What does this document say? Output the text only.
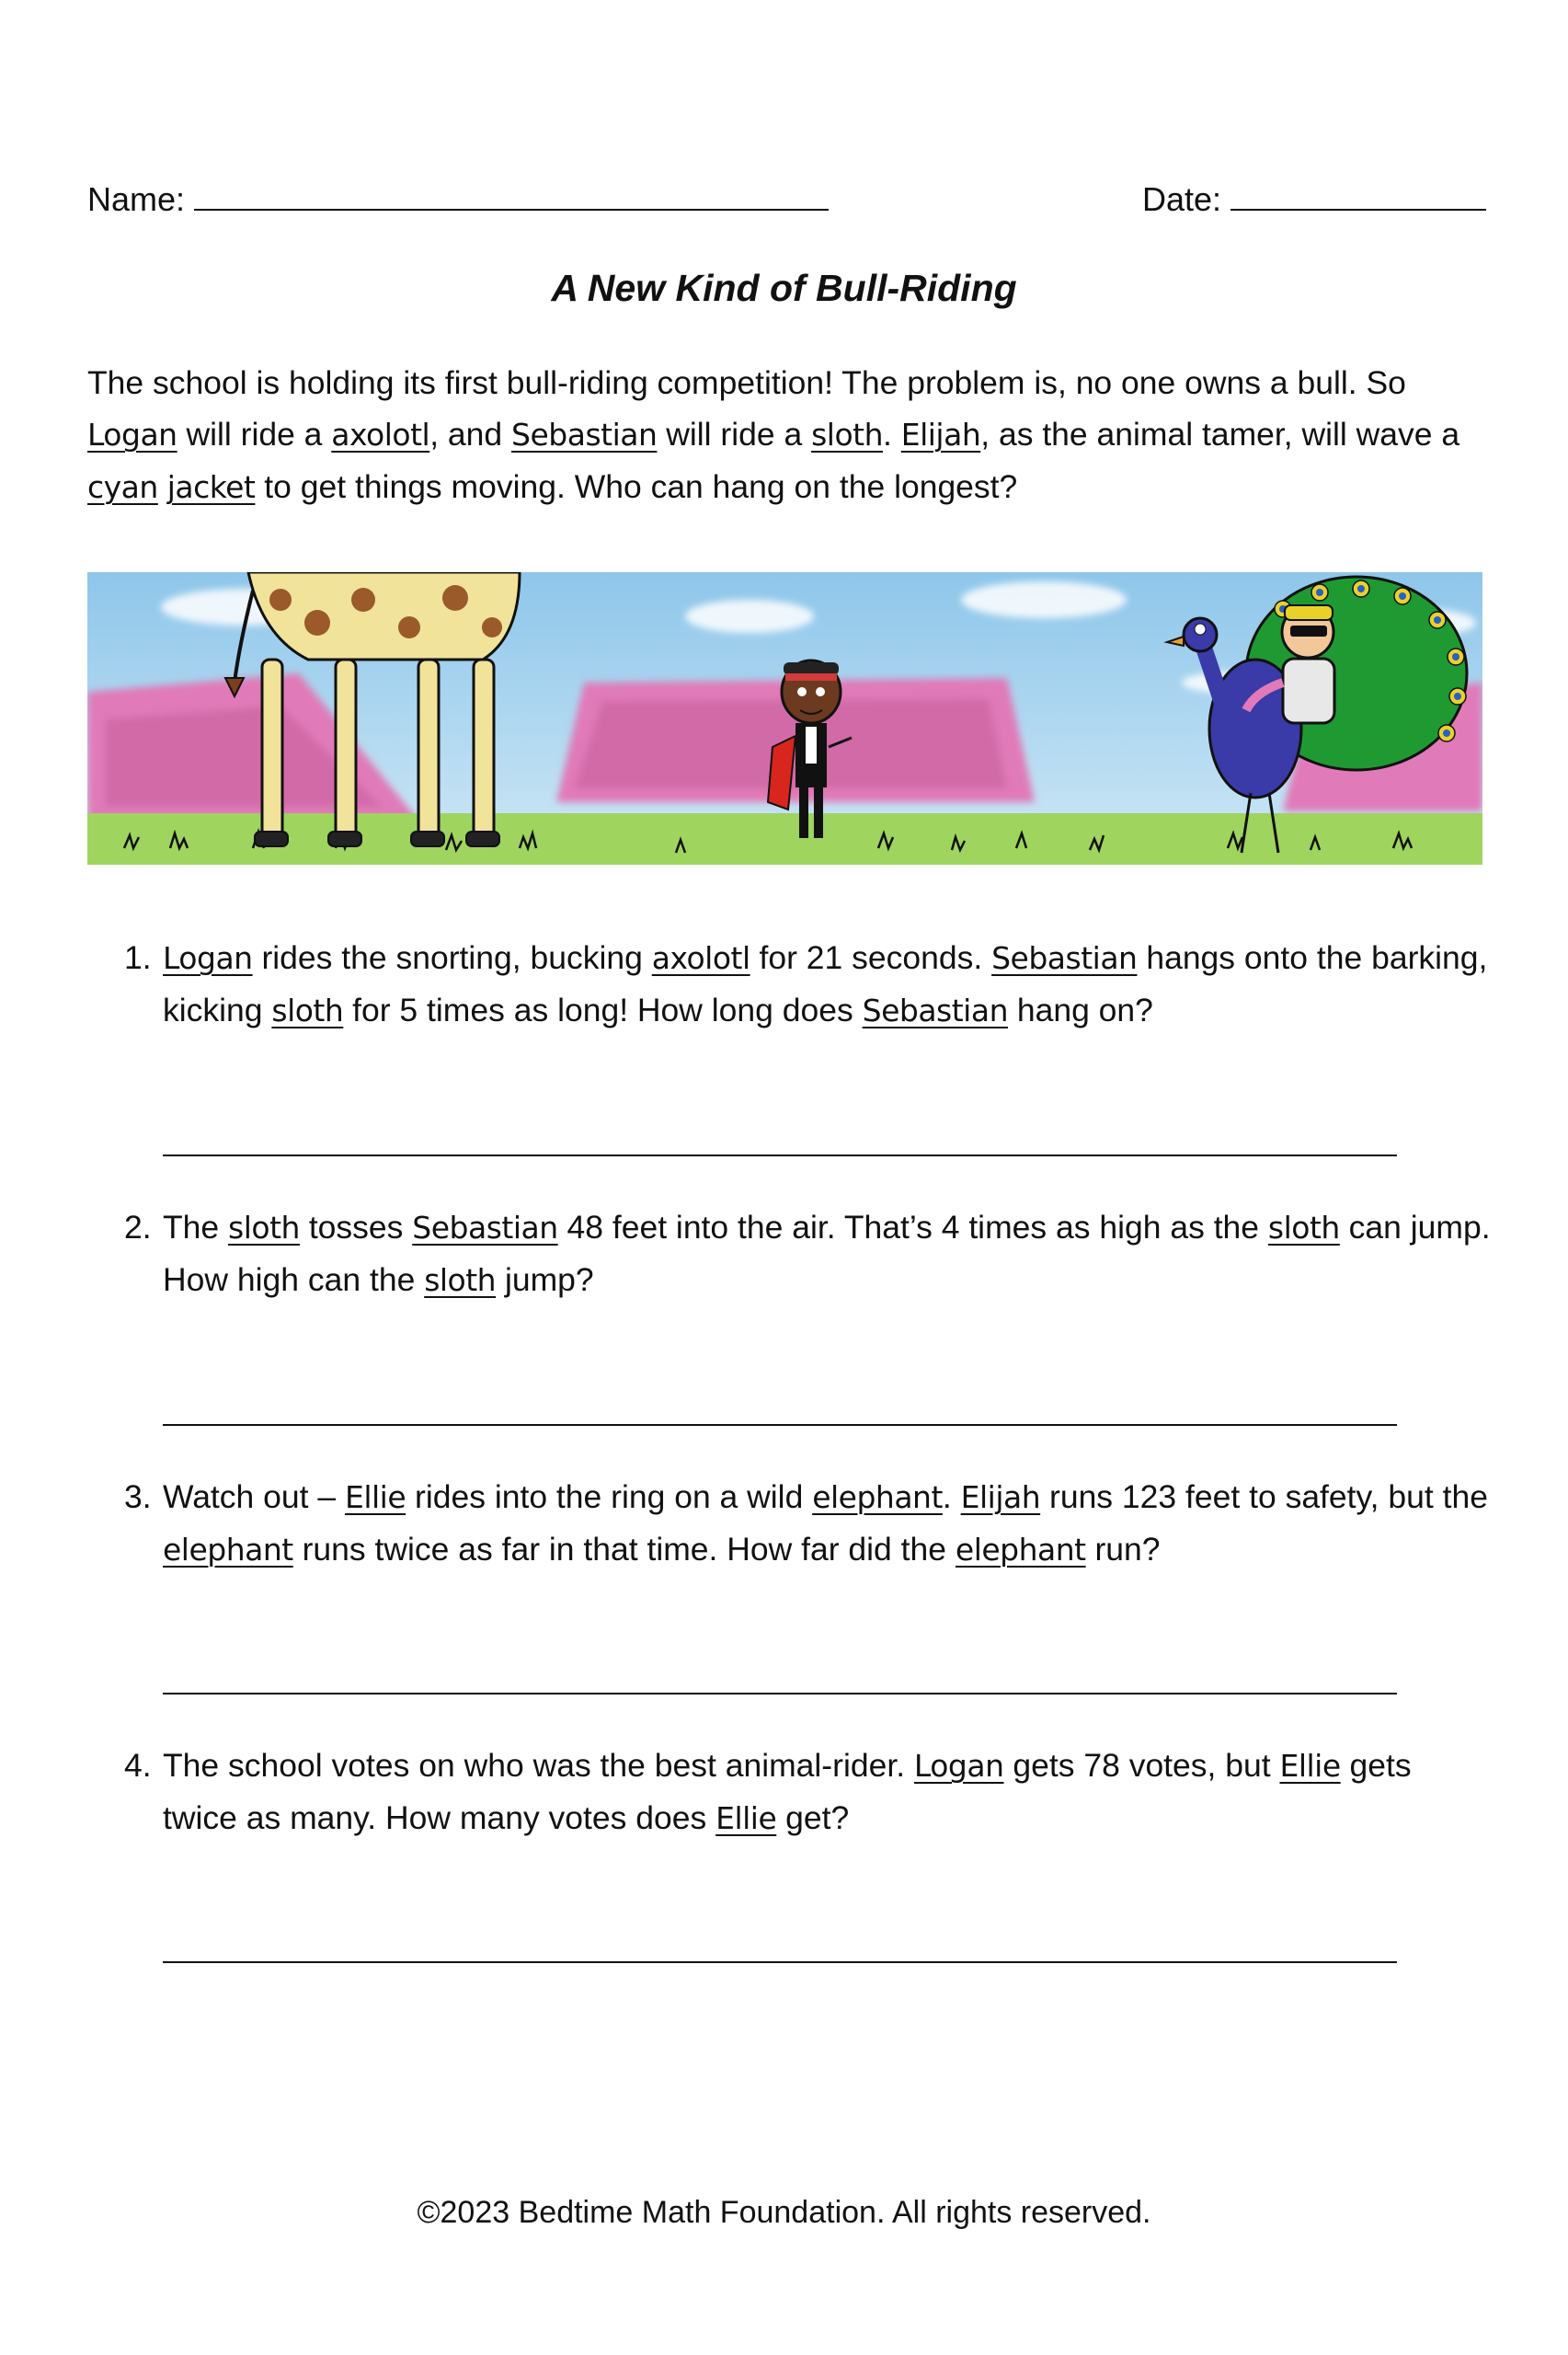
Name:	Date:
A New Kind of Bull-Riding
The school is holding its first bull-riding competition! The problem is, no one owns a bull. So Logan will ride a axolotl, and Sebastian will ride a sloth. Elijah, as the animal tamer, will wave a cyan jacket to get things moving. Who can hang on the longest?
1. Logan rides the snorting, bucking axolotl for 21 seconds. Sebastian hangs onto the barking, kicking sloth for 5 times as long! How long does Sebastian hang on?
2. The sloth tosses Sebastian 48 feet into the air. That’s 4 times as high as the sloth can jump. How high can the sloth jump?
3. Watch out – Ellie rides into the ring on a wild elephant. Elijah runs 123 feet to safety, but the elephant runs twice as far in that time. How far did the elephant run?
4. The school votes on who was the best animal-rider. Logan gets 78 votes, but Ellie gets twice as many. How many votes does Ellie get?
©2023 Bedtime Math Foundation. All rights reserved.
